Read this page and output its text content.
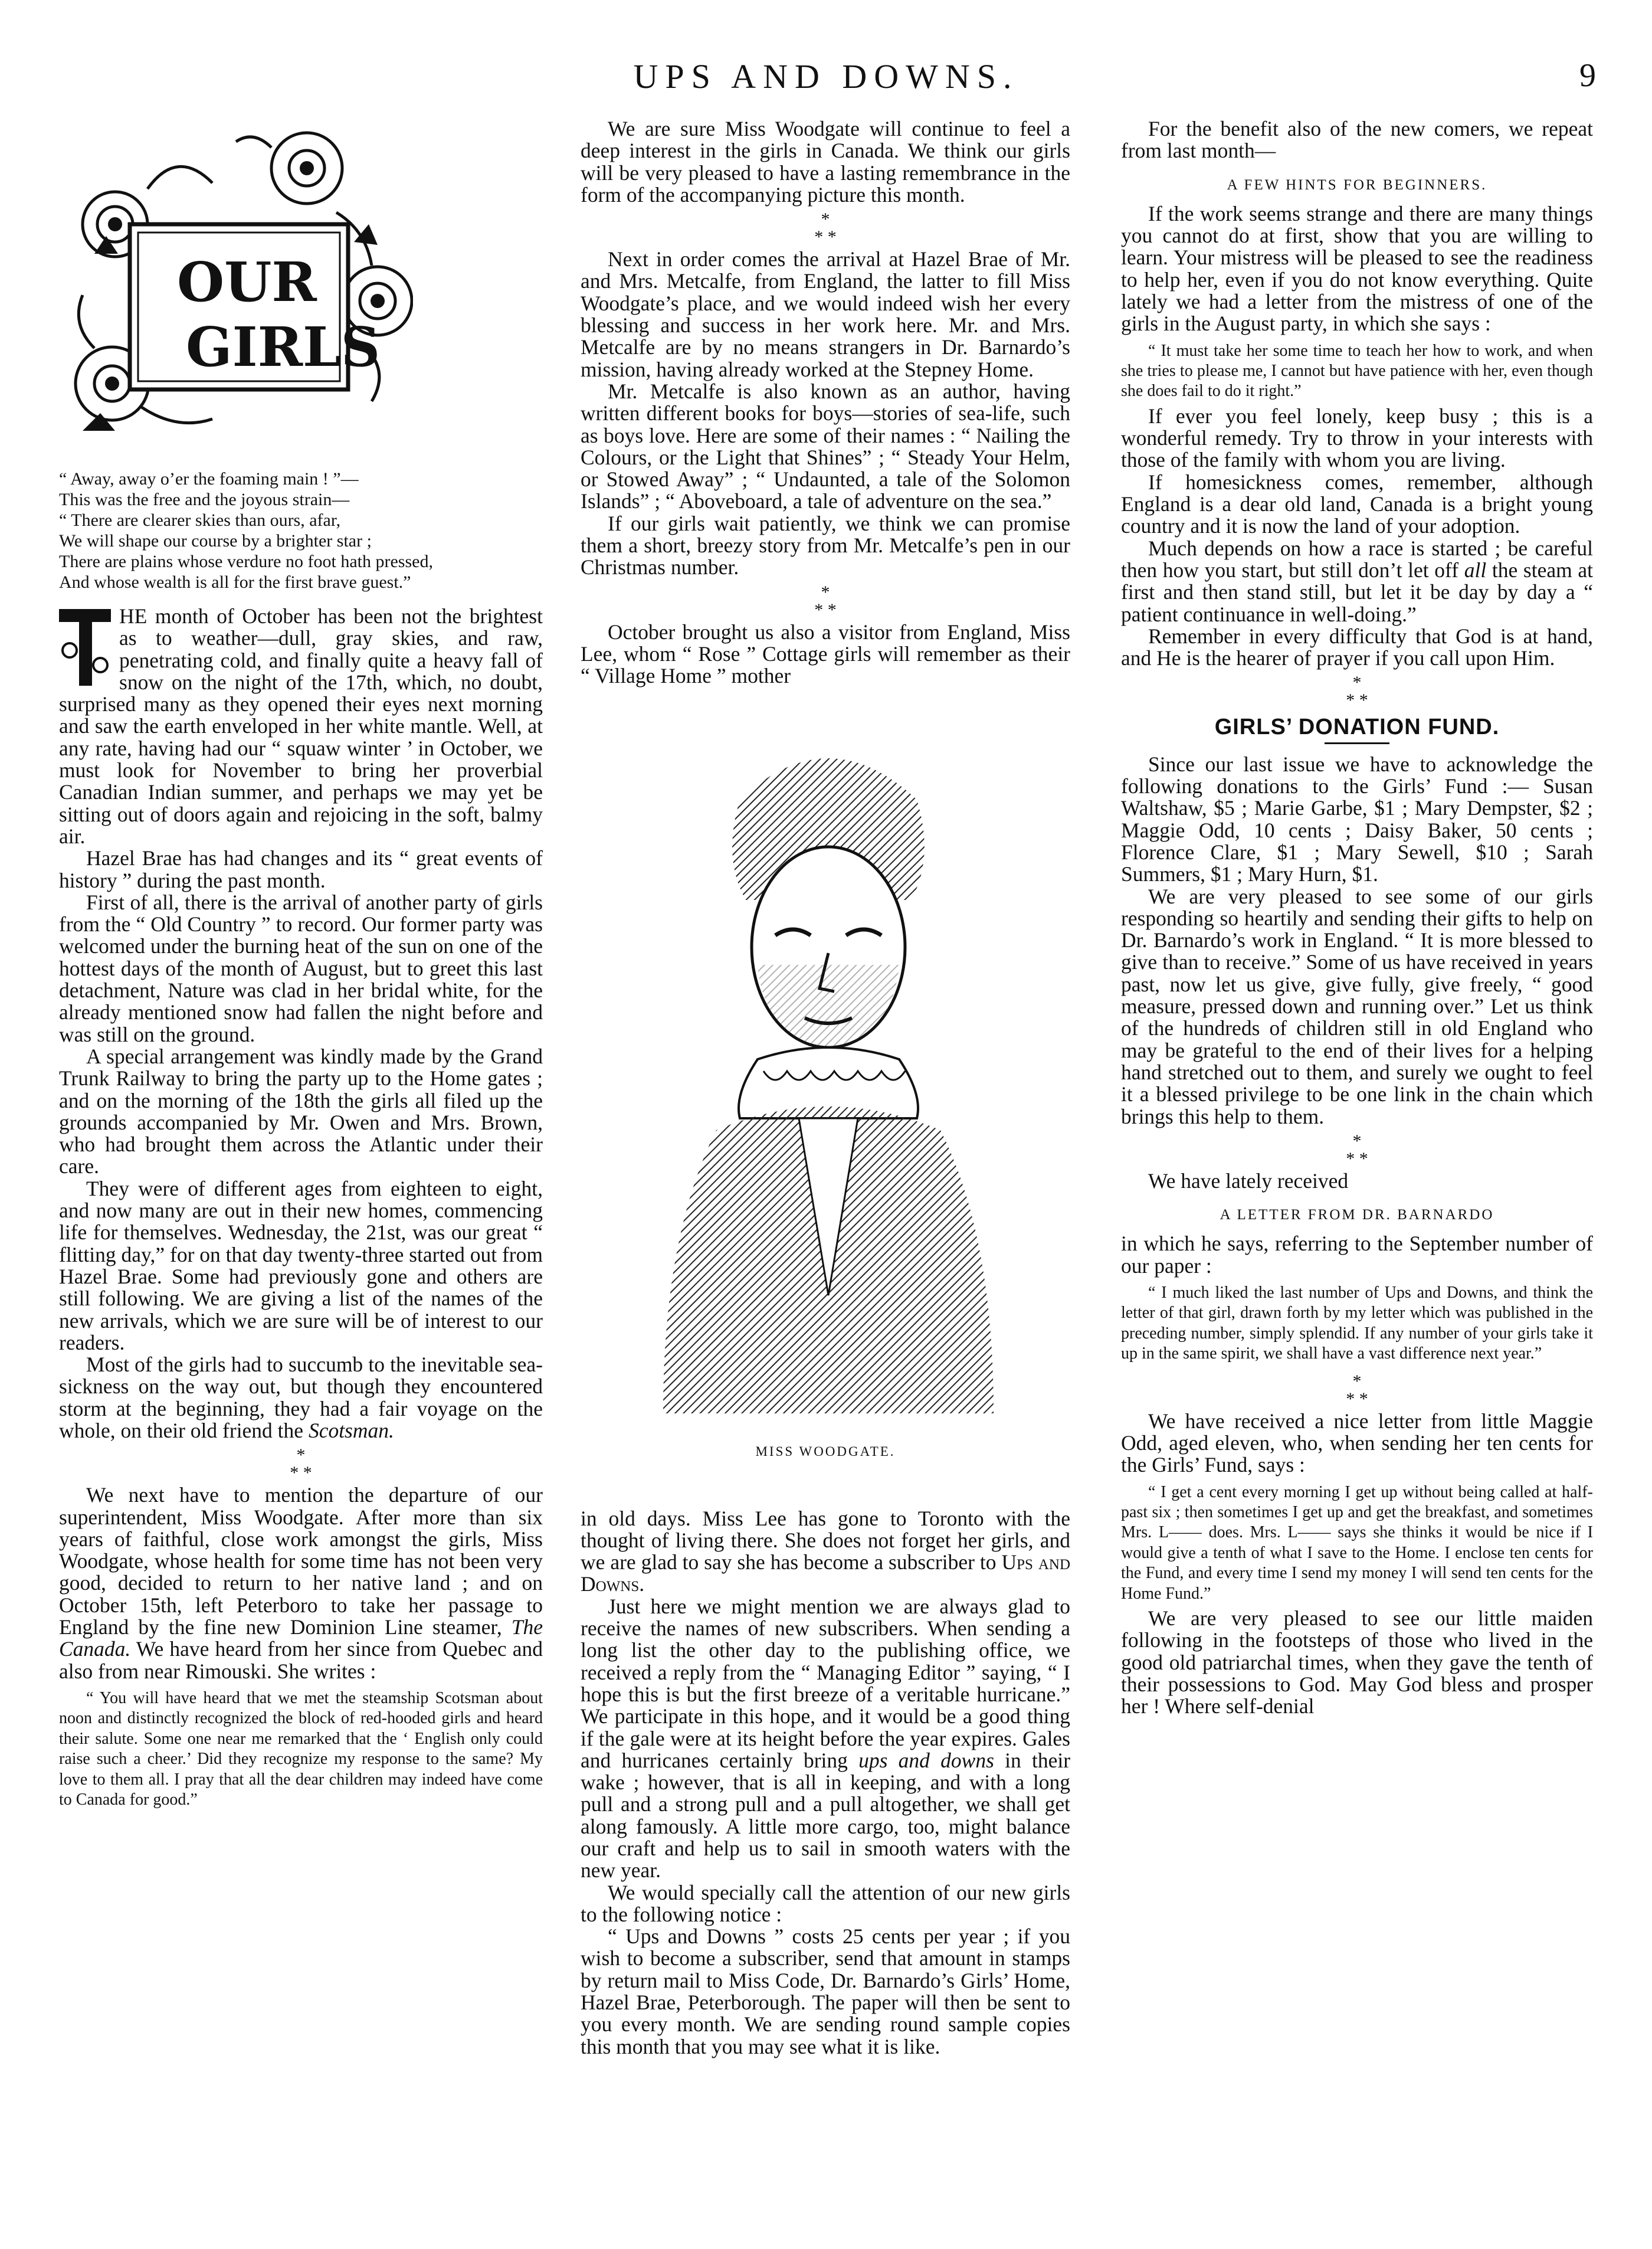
UPS AND DOWNS.	9
OUR
GIRLS
“ Away, away o’er the foaming main ! ”—
This was the free and the joyous strain—
“ There are clearer skies than ours, afar,
We will shape our course by a brighter star ;
There are plains whose verdure no foot hath pressed,
And whose wealth is all for the first brave guest.”

HE month of October has been not the brightest as to weather—dull, gray skies, and raw, penetrating cold, and finally quite a heavy fall of snow on the night of the 17th, which, no doubt, surprised many as they opened their eyes next morning and saw the earth enveloped in her white mantle. Well, at any rate, having had our “ squaw winter ’ in October, we must look for November to bring her proverbial Canadian Indian summer, and perhaps we may yet be sitting out of doors again and rejoicing in the soft, balmy air.

Hazel Brae has had changes and its “ great events of history ” during the past month.

First of all, there is the arrival of another party of girls from the “ Old Country ” to record. Our former party was welcomed under the burning heat of the sun on one of the hottest days of the month of August, but to greet this last detachment, Nature was clad in her bridal white, for the already mentioned snow had fallen the night before and was still on the ground.

A special arrangement was kindly made by the Grand Trunk Railway to bring the party up to the Home gates ; and on the morning of the 18th the girls all filed up the grounds accompanied by Mr. Owen and Mrs. Brown, who had brought them across the Atlantic under their care.

They were of different ages from eighteen to eight, and now many are out in their new homes, commencing life for themselves. Wednesday, the 21st, was our great “ flitting day,” for on that day twenty-three started out from Hazel Brae. Some had previously gone and others are still following. We are giving a list of the names of the new arrivals, which we are sure will be of interest to our readers.

Most of the girls had to succumb to the inevitable sea-sickness on the way out, but though they encountered storm at the beginning, they had a fair voyage on the whole, on their old friend the Scotsman.

*
* *

We next have to mention the departure of our superintendent, Miss Woodgate. After more than six years of faithful, close work amongst the girls, Miss Woodgate, whose health for some time has not been very good, decided to return to her native land ; and on October 15th, left Peterboro to take her passage to England by the fine new Dominion Line steamer, The Canada. We have heard from her since from Quebec and also from near Rimouski. She writes :

“ You will have heard that we met the steamship Scotsman about noon and distinctly recognized the block of red-hooded girls and heard their salute. Some one near me remarked that the ‘ English only could raise such a cheer.’ Did they recognize my response to the same? My love to them all. I pray that all the dear children may indeed have come to Canada for good.”

We are sure Miss Woodgate will continue to feel a deep interest in the girls in Canada. We think our girls will be very pleased to have a lasting remembrance in the form of the accompanying picture this month.

*
* *

Next in order comes the arrival at Hazel Brae of Mr. and Mrs. Metcalfe, from England, the latter to fill Miss Woodgate’s place, and we would indeed wish her every blessing and success in her work here. Mr. and Mrs. Metcalfe are by no means strangers in Dr. Barnardo’s mission, having already worked at the Stepney Home.

Mr. Metcalfe is also known as an author, having written different books for boys—stories of sea-life, such as boys love. Here are some of their names : “ Nailing the Colours, or the Light that Shines” ; “ Steady Your Helm, or Stowed Away” ; “ Undaunted, a tale of the Solomon Islands” ; “ Aboveboard, a tale of adventure on the sea.”

If our girls wait patiently, we think we can promise them a short, breezy story from Mr. Metcalfe’s pen in our Christmas number.

*
* *

October brought us also a visitor from England, Miss Lee, whom “ Rose ” Cottage girls will remember as their “ Village Home ” mother

MISS WOODGATE.

in old days. Miss Lee has gone to Toronto with the thought of living there. She does not forget her girls, and we are glad to say she has become a subscriber to Ups and Downs.

Just here we might mention we are always glad to receive the names of new subscribers. When sending a long list the other day to the publishing office, we received a reply from the “ Managing Editor ” saying, “ I hope this is but the first breeze of a veritable hurricane.” We participate in this hope, and it would be a good thing if the gale were at its height before the year expires. Gales and hurricanes certainly bring ups and downs in their wake ; however, that is all in keeping, and with a long pull and a strong pull and a pull altogether, we shall get along famously. A little more cargo, too, might balance our craft and help us to sail in smooth waters with the new year.

We would specially call the attention of our new girls to the following notice :

“ Ups and Downs ” costs 25 cents per year ; if you wish to become a subscriber, send that amount in stamps by return mail to Miss Code, Dr. Barnardo’s Girls’ Home, Hazel Brae, Peterborough. The paper will then be sent to you every month. We are sending round sample copies this month that you may see what it is like.

For the benefit also of the new comers, we repeat from last month—

A FEW HINTS FOR BEGINNERS.

If the work seems strange and there are many things you cannot do at first, show that you are willing to learn. Your mistress will be pleased to see the readiness to help her, even if you do not know everything. Quite lately we had a letter from the mistress of one of the girls in the August party, in which she says :

“ It must take her some time to teach her how to work, and when she tries to please me, I cannot but have patience with her, even though she does fail to do it right.”

If ever you feel lonely, keep busy ; this is a wonderful remedy. Try to throw in your interests with those of the family with whom you are living.

If homesickness comes, remember, although England is a dear old land, Canada is a bright young country and it is now the land of your adoption.

Much depends on how a race is started ; be careful then how you start, but still don’t let off all the steam at first and then stand still, but let it be day by day a “ patient continuance in well-doing.”

Remember in every difficulty that God is at hand, and He is the hearer of prayer if you call upon Him.

*
* *
GIRLS’ DONATION FUND.

Since our last issue we have to acknowledge the following donations to the Girls’ Fund :— Susan Waltshaw, $5 ; Marie Garbe, $1 ; Mary Dempster, $2 ; Maggie Odd, 10 cents ; Daisy Baker, 50 cents ; Florence Clare, $1 ; Mary Sewell, $10 ; Sarah Summers, $1 ; Mary Hurn, $1.

We are very pleased to see some of our girls responding so heartily and sending their gifts to help on Dr. Barnardo’s work in England. “ It is more blessed to give than to receive.” Some of us have received in years past, now let us give, give fully, give freely, “ good measure, pressed down and running over.” Let us think of the hundreds of children still in old England who may be grateful to the end of their lives for a helping hand stretched out to them, and surely we ought to feel it a blessed privilege to be one link in the chain which brings this help to them.

*
* *

We have lately received

A LETTER FROM DR. BARNARDO

in which he says, referring to the September number of our paper :

“ I much liked the last number of Ups and Downs, and think the letter of that girl, drawn forth by my letter which was published in the preceding number, simply splendid. If any number of your girls take it up in the same spirit, we shall have a vast difference next year.”

*
* *

We have received a nice letter from little Maggie Odd, aged eleven, who, when sending her ten cents for the Girls’ Fund, says :

“ I get a cent every morning I get up without being called at half-past six ; then sometimes I get up and get the breakfast, and sometimes Mrs. L—— does. Mrs. L—— says she thinks it would be nice if I would give a tenth of what I save to the Home. I enclose ten cents for the Fund, and every time I send my money I will send ten cents for the Home Fund.”

We are very pleased to see our little maiden following in the footsteps of those who lived in the good old patriarchal times, when they gave the tenth of their possessions to God. May God bless and prosper her ! Where self-denial
